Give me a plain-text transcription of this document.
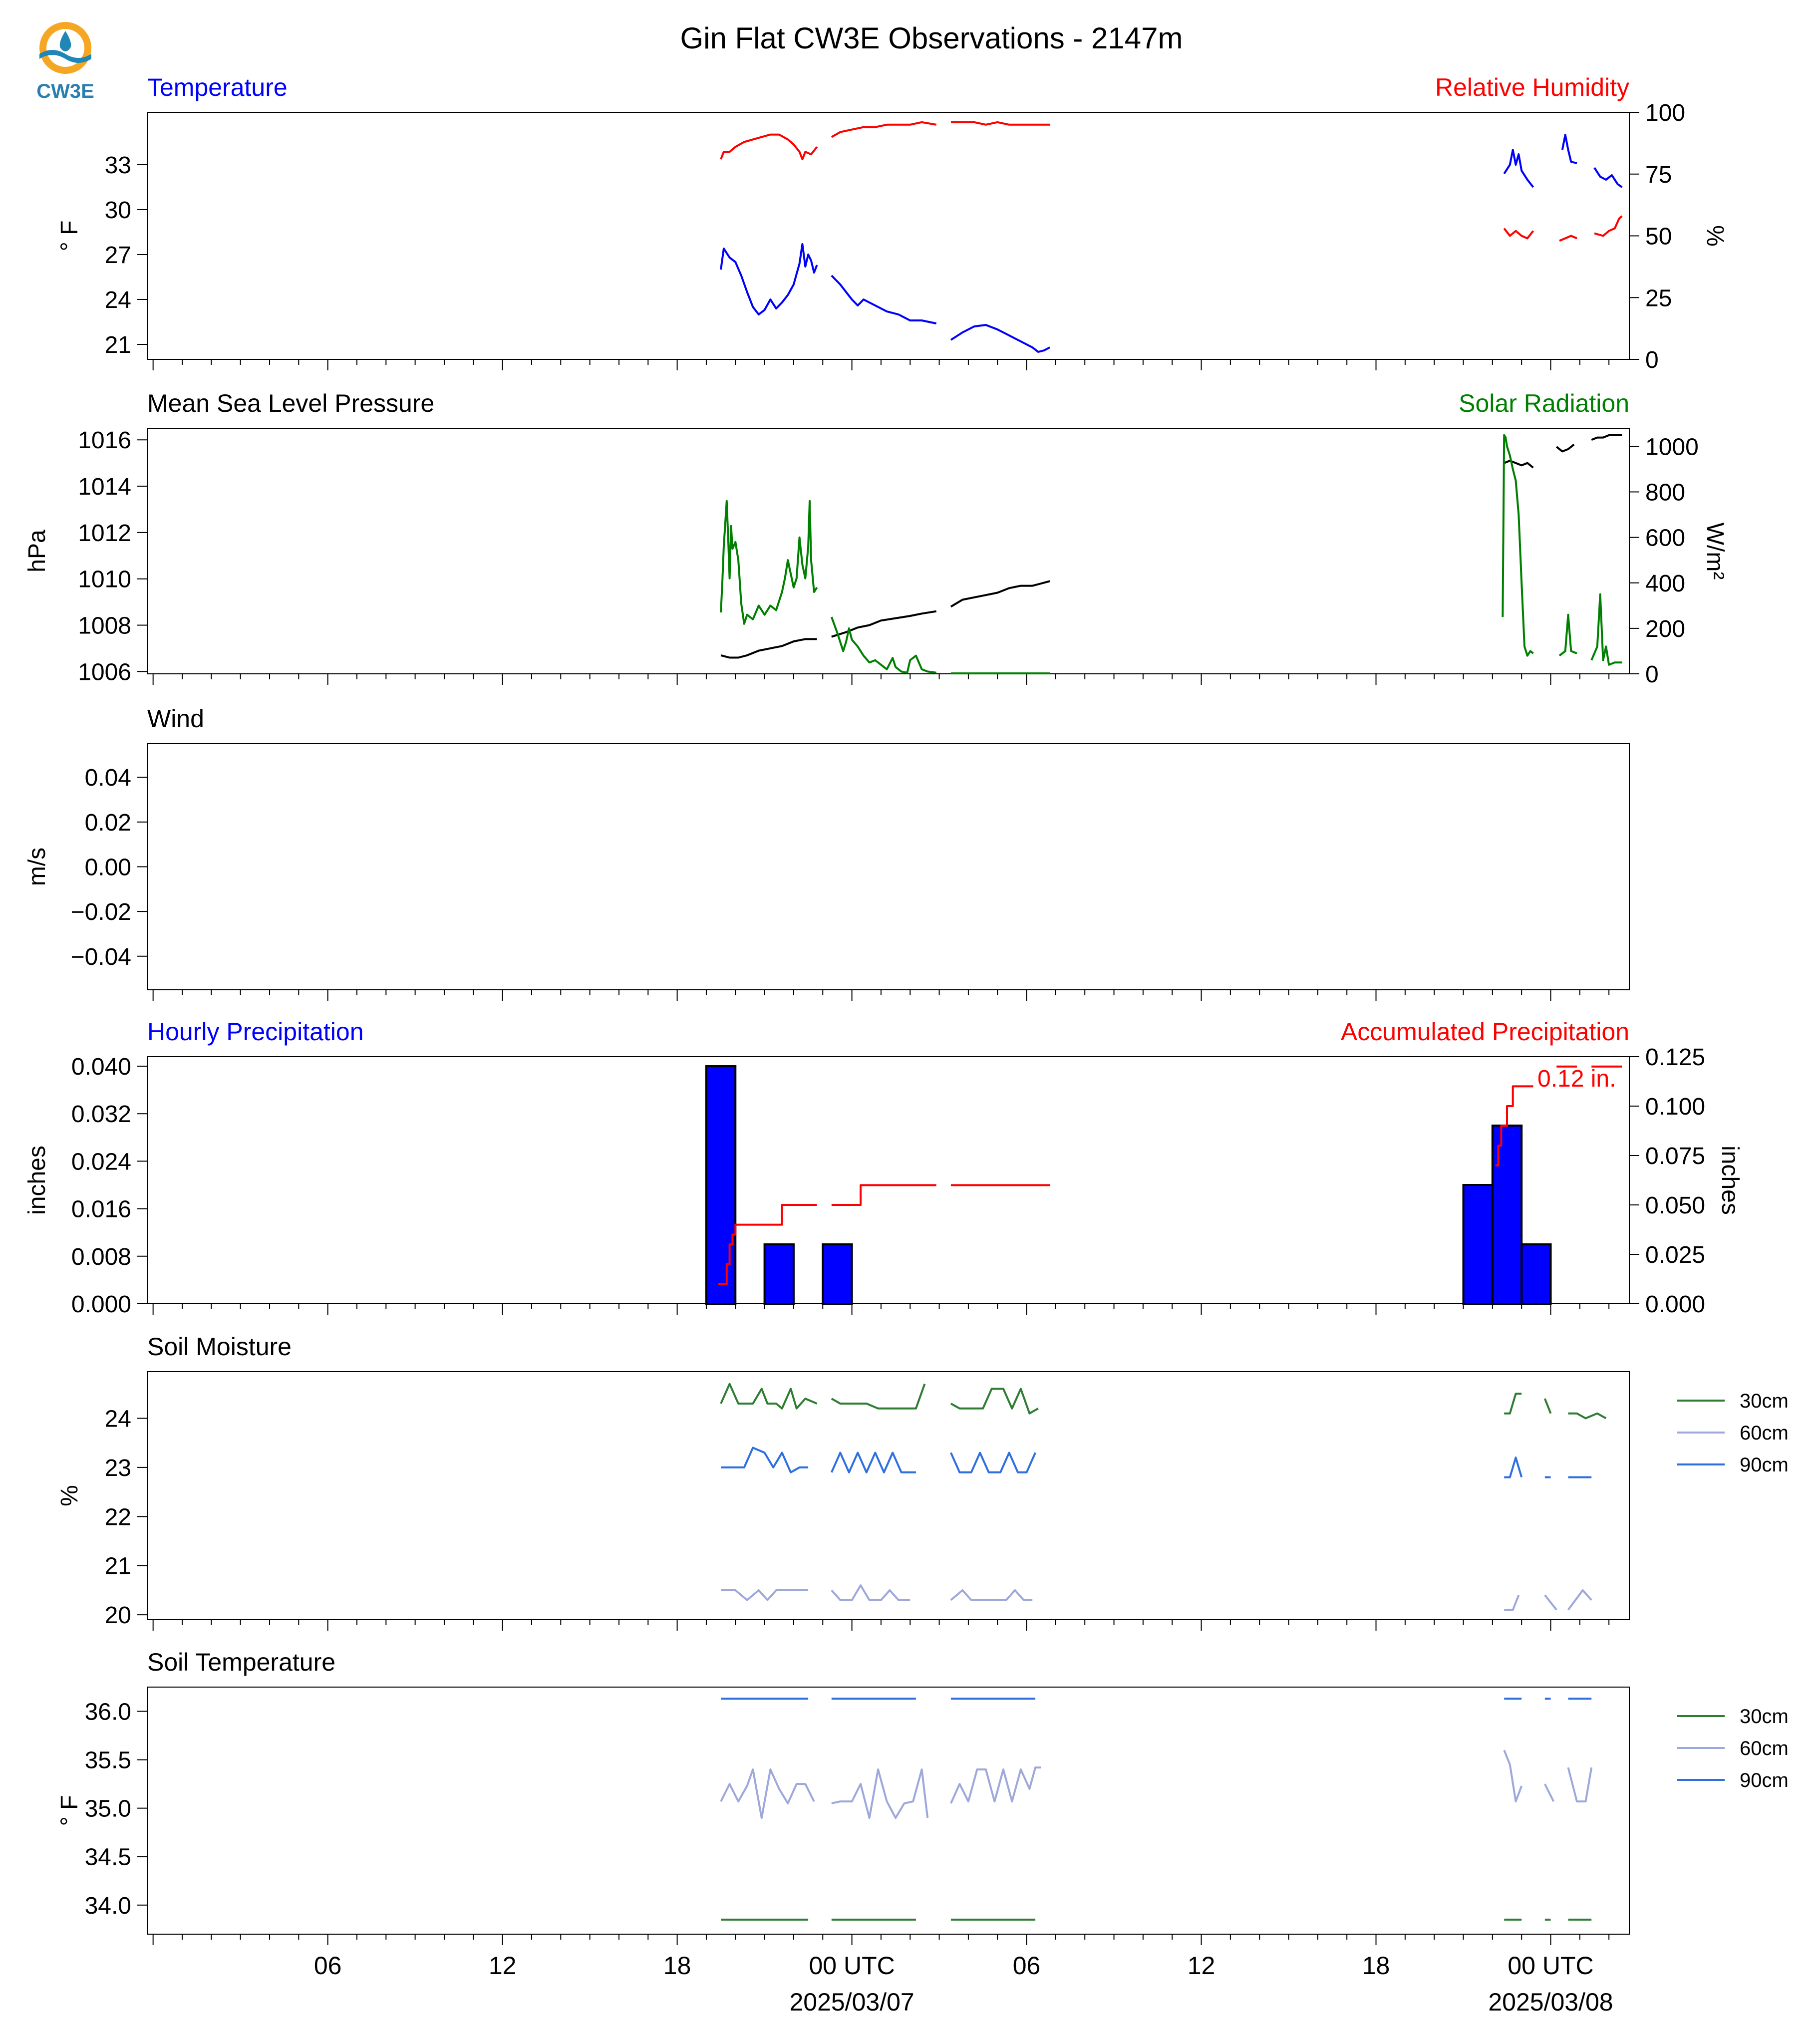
CW3E
Gin Flat CW3E Observations - 2147m
Temperature	Relative Humidity
21
24
27
30
33
0
25
50
75
100
° F	%
Mean Sea Level Pressure	Solar Radiation
1006
1008
1010
1012
1014
1016
0
200
400
600
800
1000
hPa	W/m²
Wind
−0.04
−0.02
0.00
0.02
0.04
m/s
Hourly Precipitation	Accumulated Precipitation
0.000
0.008
0.016
0.024
0.032
0.040
0.000
0.025
0.050
0.075
0.100
0.125
inches	inches
0.12 in.
Soil Moisture
20
21
22
23
24
%
30cm
60cm
90cm
Soil Temperature
34.0
34.5
35.0
35.5
36.0
° F
30cm
60cm
90cm
06	12	18	00 UTC	06	12	18	00 UTC
2025/03/07	2025/03/08
